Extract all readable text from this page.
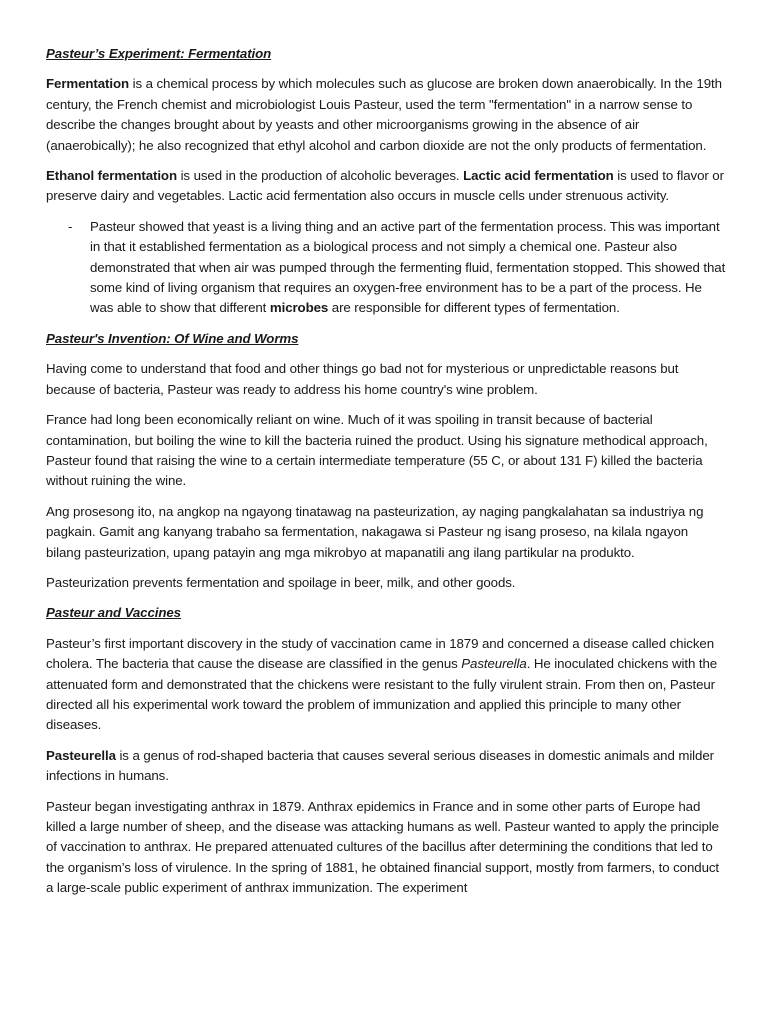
Pasteur’s Experiment: Fermentation

Fermentation is a chemical process by which molecules such as glucose are broken down anaerobically. In the 19th century, the French chemist and microbiologist Louis Pasteur, used the term "fermentation" in a narrow sense to describe the changes brought about by yeasts and other microorganisms growing in the absence of air (anaerobically); he also recognized that ethyl alcohol and carbon dioxide are not the only products of fermentation.

Ethanol fermentation is used in the production of alcoholic beverages. Lactic acid fermentation is used to flavor or preserve dairy and vegetables. Lactic acid fermentation also occurs in muscle cells under strenuous activity.

- Pasteur showed that yeast is a living thing and an active part of the fermentation process. This was important in that it established fermentation as a biological process and not simply a chemical one. Pasteur also demonstrated that when air was pumped through the fermenting fluid, fermentation stopped. This showed that some kind of living organism that requires an oxygen-free environment has to be a part of the process. He was able to show that different microbes are responsible for different types of fermentation.
Pasteur's Invention: Of Wine and Worms

Having come to understand that food and other things go bad not for mysterious or unpredictable reasons but because of bacteria, Pasteur was ready to address his home country's wine problem.

France had long been economically reliant on wine. Much of it was spoiling in transit because of bacterial contamination, but boiling the wine to kill the bacteria ruined the product. Using his signature methodical approach, Pasteur found that raising the wine to a certain intermediate temperature (55 C, or about 131 F) killed the bacteria without ruining the wine.

Ang prosesong ito, na angkop na ngayong tinatawag na pasteurization, ay naging pangkalahatan sa industriya ng pagkain. Gamit ang kanyang trabaho sa fermentation, nakagawa si Pasteur ng isang proseso, na kilala ngayon bilang pasteurization, upang patayin ang mga mikrobyo at mapanatili ang ilang partikular na produkto.

Pasteurization prevents fermentation and spoilage in beer, milk, and other goods.

Pasteur and Vaccines

Pasteur’s first important discovery in the study of vaccination came in 1879 and concerned a disease called chicken cholera. The bacteria that cause the disease are classified in the genus Pasteurella. He inoculated chickens with the attenuated form and demonstrated that the chickens were resistant to the fully virulent strain. From then on, Pasteur directed all his experimental work toward the problem of immunization and applied this principle to many other diseases.

Pasteurella is a genus of rod-shaped bacteria that causes several serious diseases in domestic animals and milder infections in humans.

Pasteur began investigating anthrax in 1879. Anthrax epidemics in France and in some other parts of Europe had killed a large number of sheep, and the disease was attacking humans as well. Pasteur wanted to apply the principle of vaccination to anthrax. He prepared attenuated cultures of the bacillus after determining the conditions that led to the organism’s loss of virulence. In the spring of 1881, he obtained financial support, mostly from farmers, to conduct a large-scale public experiment of anthrax immunization. The experiment
